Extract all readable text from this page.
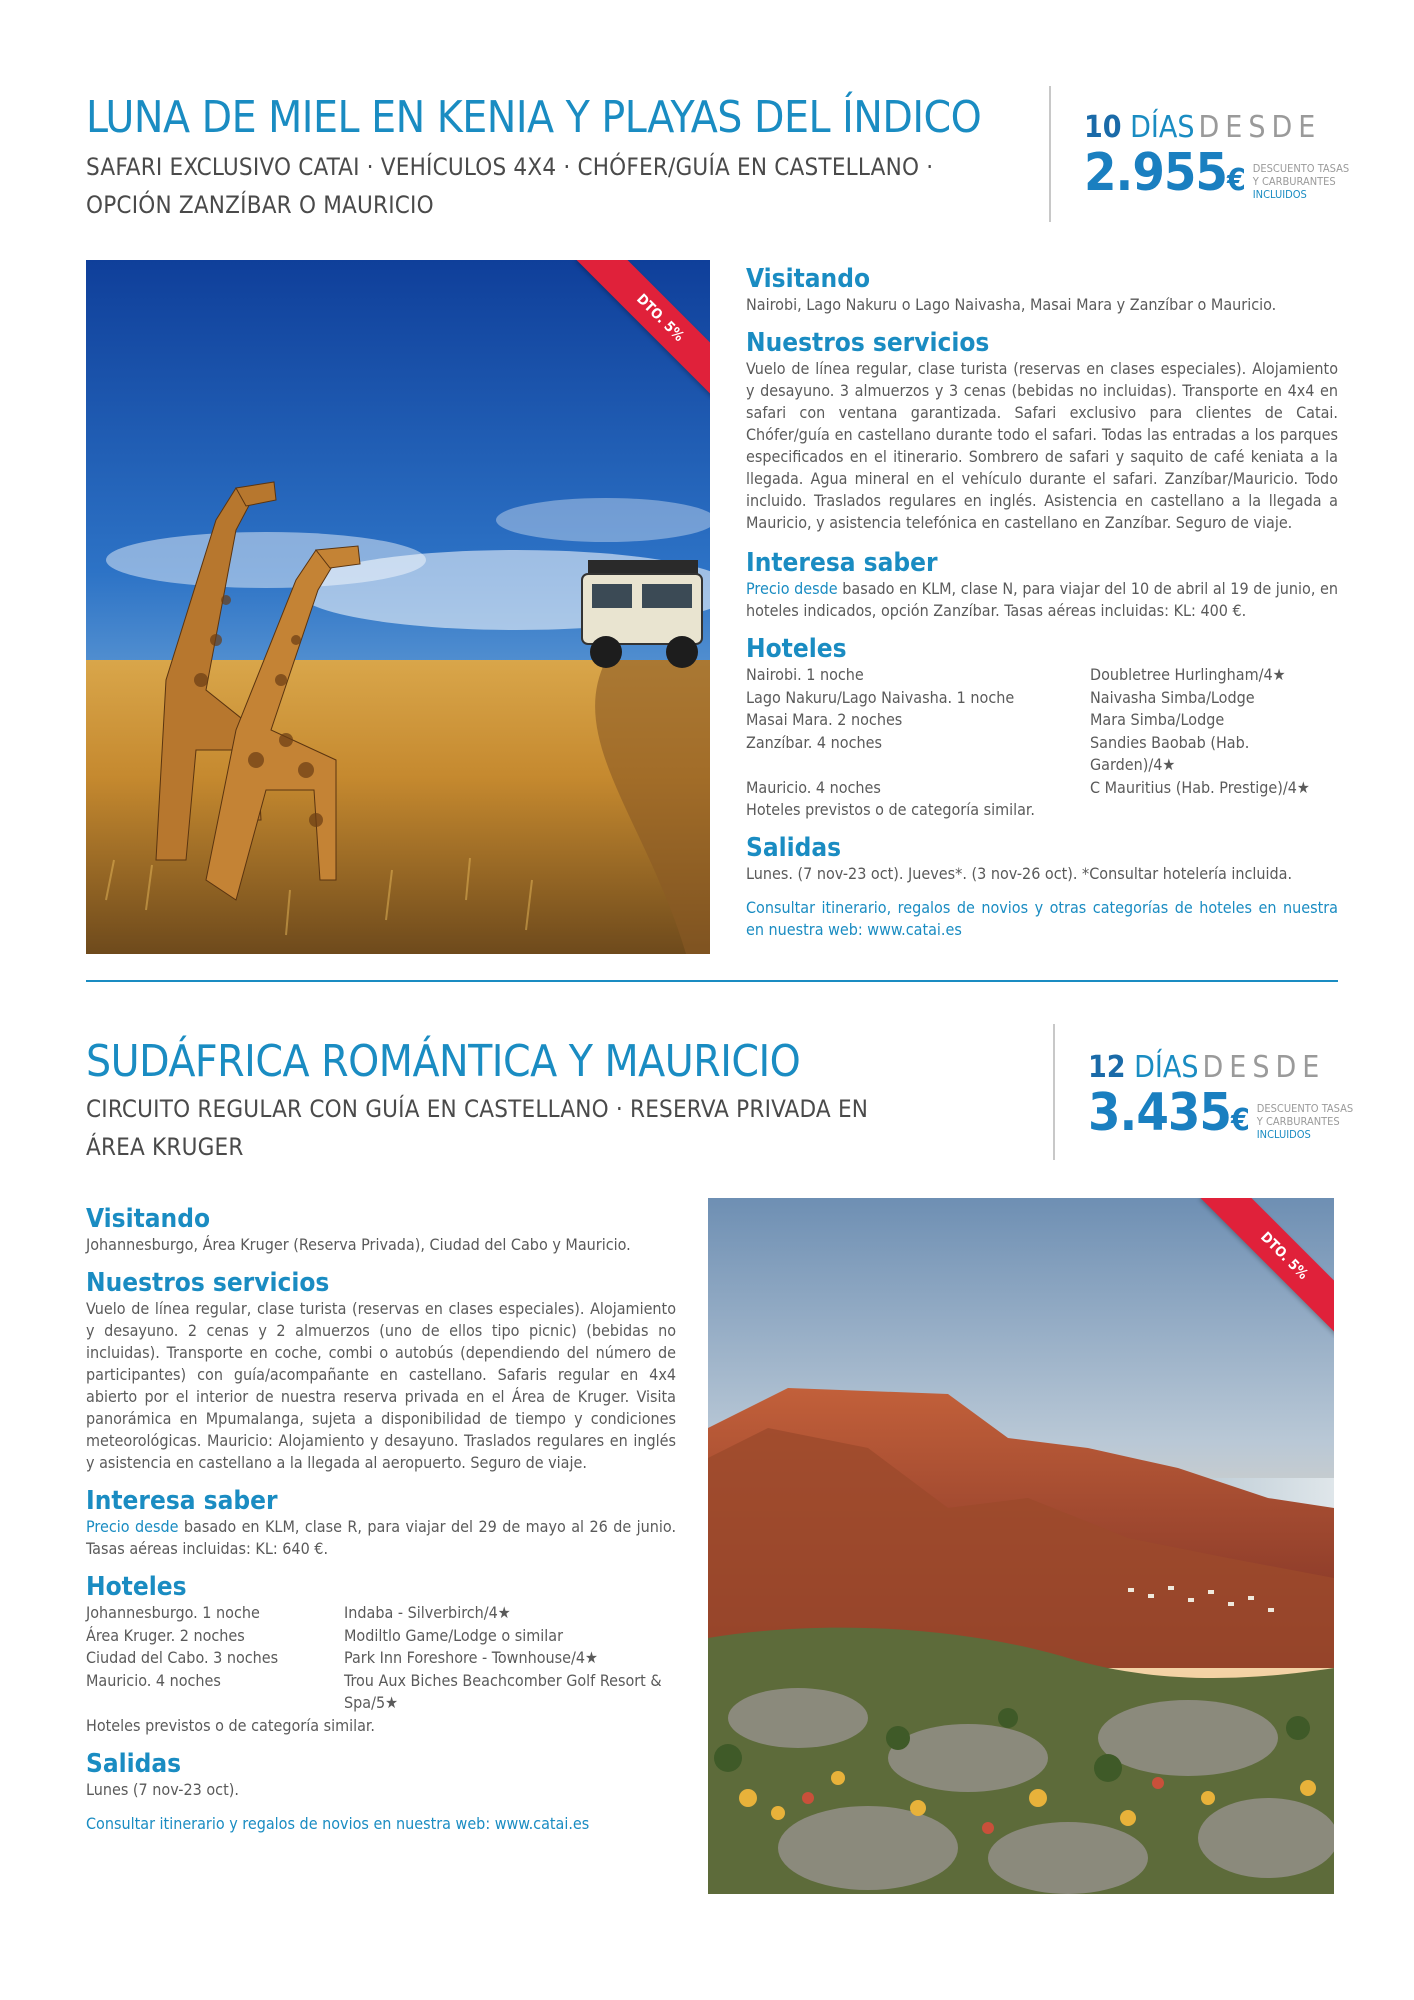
LUNA DE MIEL EN KENIA Y PLAYAS DEL ÍNDICO
SAFARI EXCLUSIVO CATAI · VEHÍCULOS 4X4 · CHÓFER/GUÍA EN CASTELLANO ·
OPCIÓN ZANZÍBAR O MAURICIO
10 DÍAS DESDE
2.955€ DESCUENTO TASAS
Y CARBURANTES
INCLUIDOS
DTO. 5%
Visitando

Nairobi, Lago Nakuru o Lago Naivasha, Masai Mara y Zanzíbar o Mauricio.

Nuestros servicios

Vuelo de línea regular, clase turista (reservas en clases especiales). Alojamiento y desayuno. 3 almuerzos y 3 cenas (bebidas no incluidas). Transporte en 4x4 en safari con ventana garantizada. Safari exclusivo para clientes de Catai. Chófer/guía en castellano durante todo el safari. Todas las entradas a los parques especificados en el itinerario. Sombrero de safari y saquito de café keniata a la llegada. Agua mineral en el vehículo durante el safari. Zanzíbar/Mauricio. Todo incluido. Traslados regulares en inglés. Asistencia en castellano a la llegada a Mauricio, y asistencia telefónica en castellano en Zanzíbar. Seguro de viaje.

Interesa saber

Precio desde basado en KLM, clase N, para viajar del 10 de abril al 19 de junio, en hoteles indicados, opción Zanzíbar. Tasas aéreas incluidas: KL: 400 €.

Hoteles
Nairobi. 1 noche	Doubletree Hurlingham/4★
Lago Nakuru/Lago Naivasha. 1 noche	Naivasha Simba/Lodge
Masai Mara. 2 noches	Mara Simba/Lodge
Zanzíbar. 4 noches	Sandies Baobab (Hab. Garden)/4★
Mauricio. 4 noches	C Mauritius (Hab. Prestige)/4★
Hoteles previstos o de categoría similar.
Salidas

Lunes. (7 nov-23 oct). Jueves*. (3 nov-26 oct). *Consultar hotelería incluida.

Consultar itinerario, regalos de novios y otras categorías de hoteles en nuestra en nuestra web: www.catai.es

SUDÁFRICA ROMÁNTICA Y MAURICIO
CIRCUITO REGULAR CON GUÍA EN CASTELLANO · RESERVA PRIVADA EN
ÁREA KRUGER
12 DÍAS DESDE
3.435€ DESCUENTO TASAS
Y CARBURANTES
INCLUIDOS
Visitando

Johannesburgo, Área Kruger (Reserva Privada), Ciudad del Cabo y Mauricio.

Nuestros servicios

Vuelo de línea regular, clase turista (reservas en clases especiales). Alojamiento y desayuno. 2 cenas y 2 almuerzos (uno de ellos tipo picnic) (bebidas no incluidas). Transporte en coche, combi o autobús (dependiendo del número de participantes) con guía/acompañante en castellano. Safaris regular en 4x4 abierto por el interior de nuestra reserva privada en el Área de Kruger. Visita panorámica en Mpumalanga, sujeta a disponibilidad de tiempo y condiciones meteorológicas. Mauricio: Alojamiento y desayuno. Traslados regulares en inglés y asistencia en castellano a la llegada al aeropuerto. Seguro de viaje.

Interesa saber

Precio desde basado en KLM, clase R, para viajar del 29 de mayo al 26 de junio. Tasas aéreas incluidas: KL: 640 €.

Hoteles
Johannesburgo. 1 noche	Indaba - Silverbirch/4★
Área Kruger. 2 noches	Modiltlo Game/Lodge o similar
Ciudad del Cabo. 3 noches	Park Inn Foreshore - Townhouse/4★
Mauricio. 4 noches	Trou Aux Biches Beachcomber Golf Resort & Spa/5★
Hoteles previstos o de categoría similar.
Salidas

Lunes (7 nov-23 oct).

Consultar itinerario y regalos de novios en nuestra web: www.catai.es

DTO. 5%
